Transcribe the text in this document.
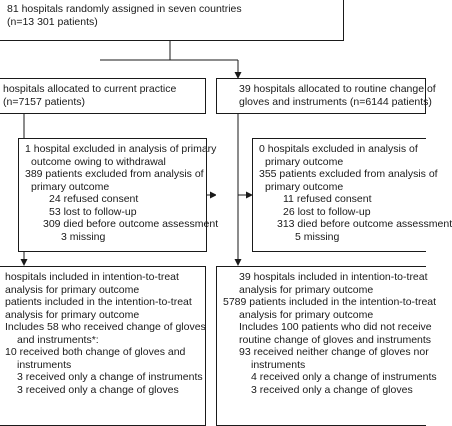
81 hospitals randomly assigned in seven countries
(n=13 301 patients)
hospitals allocated to current practice
(n=7157 patients)
39 hospitals allocated to routine change of
gloves and instruments (n=6144 patients)
1 hospital excluded in analysis of primary
outcome owing to withdrawal
389 patients excluded from analysis of
primary outcome
24 refused consent
53 lost to follow-up
309 died before outcome assessment
3 missing
0 hospitals excluded in analysis of
primary outcome
355 patients excluded from analysis of
primary outcome
11 refused consent
26 lost to follow-up
313 died before outcome assessment
5 missing
hospitals included in intention-to-treat
analysis for primary outcome
patients included in the intention-to-treat
analysis for primary outcome
Includes 58 who received change of gloves
and instruments*:
10 received both change of gloves and
instruments
3 received only a change of instruments
3 received only a change of gloves
39 hospitals included in intention-to-treat
analysis for primary outcome
5789 patients included in the intention-to-treat
analysis for primary outcome
Includes 100 patients who did not receive
routine change of gloves and instruments
93 received neither change of gloves nor
instruments
4 received only a change of instruments
3 received only a change of gloves
